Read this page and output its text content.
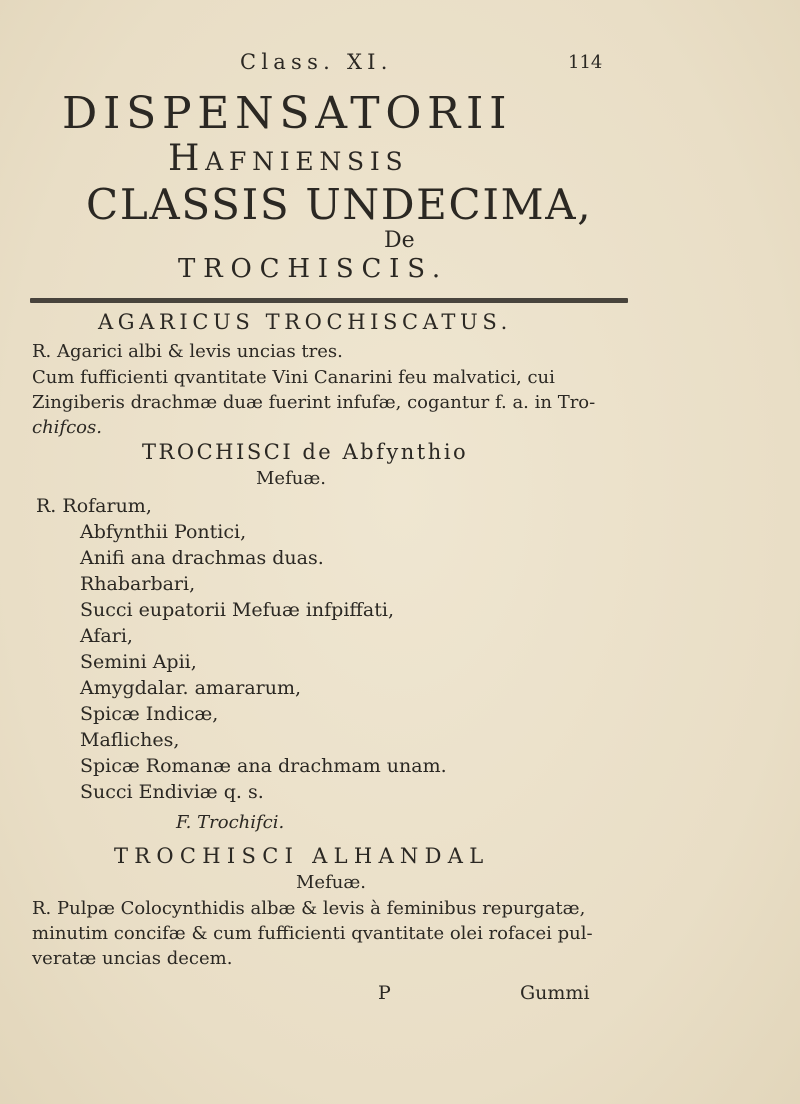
Class. XI.	114
DISPENSATORII
Hafniensis
CLASSIS UNDECIMA,
De
TROCHISCIS.
AGARICUS TROCHISCATUS.
R. Agarici albi & levis uncias tres.
Cum fufficienti qvantitate Vini Canarini feu malvatici, cui
Zingiberis drachmæ duæ fuerint infufæ, cogantur f. a. in Tro-
chifcos.
TROCHISCI de Abfynthio
Mefuæ.
R. Rofarum,
Abfynthii Pontici,
Anifi ana drachmas duas.
Rhabarbari,
Succi eupatorii Mefuæ infpiffati,
Afari,
Semini Apii,
Amygdalar. amararum,
Spicæ Indicæ,
Mafliches,
Spicæ Romanæ ana drachmam unam.
Succi Endiviæ q. s.
F. Trochifci.
TROCHISCI ALHANDAL
Mefuæ.
R. Pulpæ Colocynthidis albæ & levis à feminibus repurgatæ,
minutim concifæ & cum fufficienti qvantitate olei rofacei pul-
veratæ uncias decem.
P	Gummi
